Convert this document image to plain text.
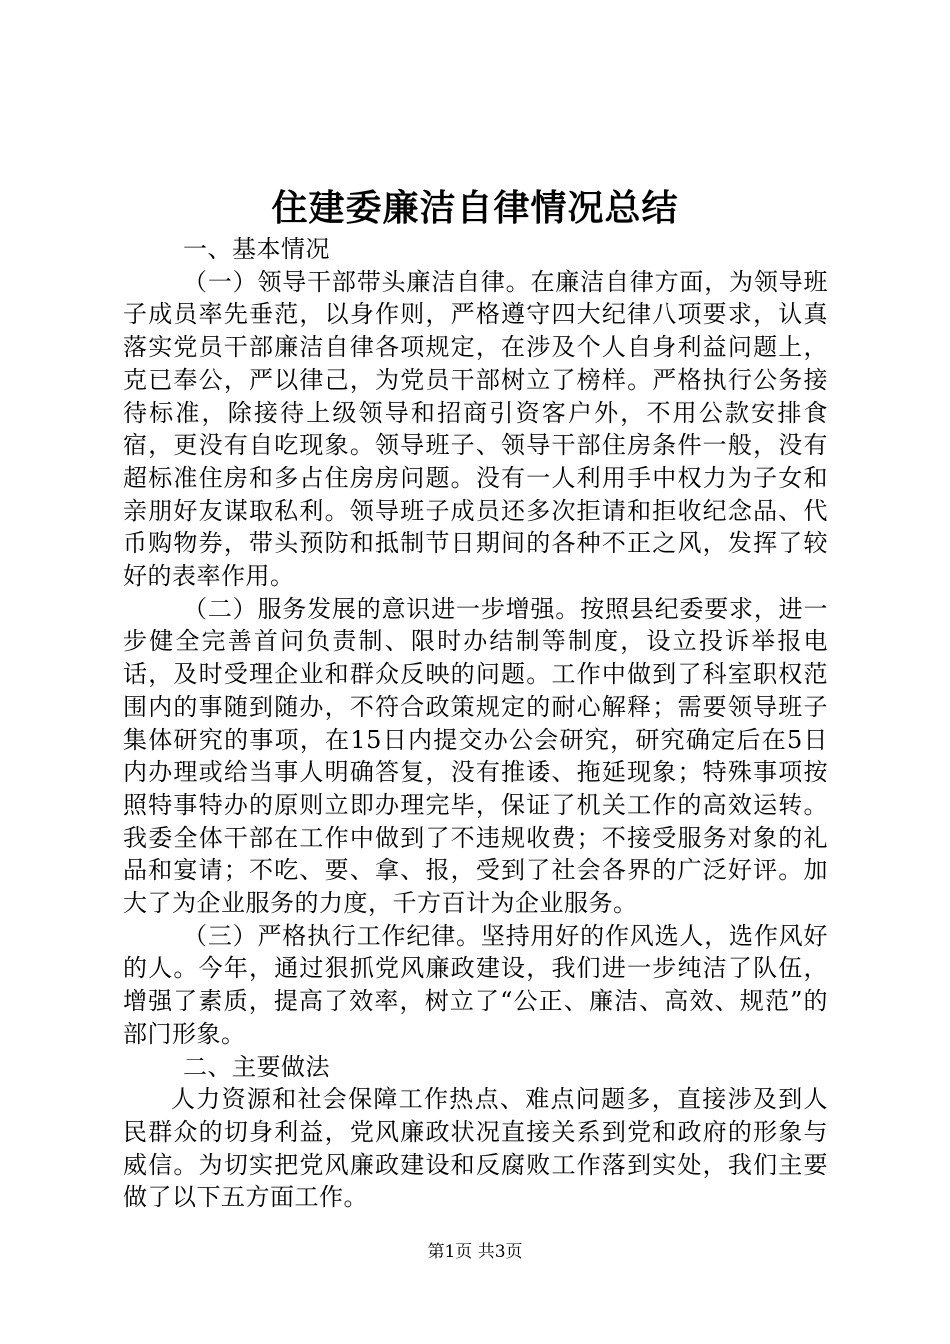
住建委廉洁自律情况总结

一、基本情况

（一）领导干部带头廉洁自律。在廉洁自律方面，为领导班子成员率先垂范，以身作则，严格遵守四大纪律八项要求，认真落实党员干部廉洁自律各项规定，在涉及个人自身利益问题上，克已奉公，严以律己，为党员干部树立了榜样。严格执行公务接待标准，除接待上级领导和招商引资客户外，不用公款安排食宿，更没有自吃现象。领导班子、领导干部住房条件一般，没有超标准住房和多占住房房问题。没有一人利用手中权力为子女和亲朋好友谋取私利。领导班子成员还多次拒请和拒收纪念品、代币购物券，带头预防和抵制节日期间的各种不正之风，发挥了较好的表率作用。

（二）服务发展的意识进一步增强。按照县纪委要求，进一步健全完善首问负责制、限时办结制等制度，设立投诉举报电话，及时受理企业和群众反映的问题。工作中做到了科室职权范围内的事随到随办，不符合政策规定的耐心解释；需要领导班子集体研究的事项，在15日内提交办公会研究，研究确定后在5日内办理或给当事人明确答复，没有推诿、拖延现象；特殊事项按照特事特办的原则立即办理完毕，保证了机关工作的高效运转。我委全体干部在工作中做到了不违规收费；不接受服务对象的礼品和宴请；不吃、要、拿、报，受到了社会各界的广泛好评。加大了为企业服务的力度，千方百计为企业服务。

（三）严格执行工作纪律。坚持用好的作风选人，选作风好的人。今年，通过狠抓党风廉政建设，我们进一步纯洁了队伍，增强了素质，提高了效率，树立了“公正、廉洁、高效、规范”的部门形象。

二、主要做法

人力资源和社会保障工作热点、难点问题多，直接涉及到人民群众的切身利益，党风廉政状况直接关系到党和政府的形象与威信。为切实把党风廉政建设和反腐败工作落到实处，我们主要做了以下五方面工作。

第1页 共3页
